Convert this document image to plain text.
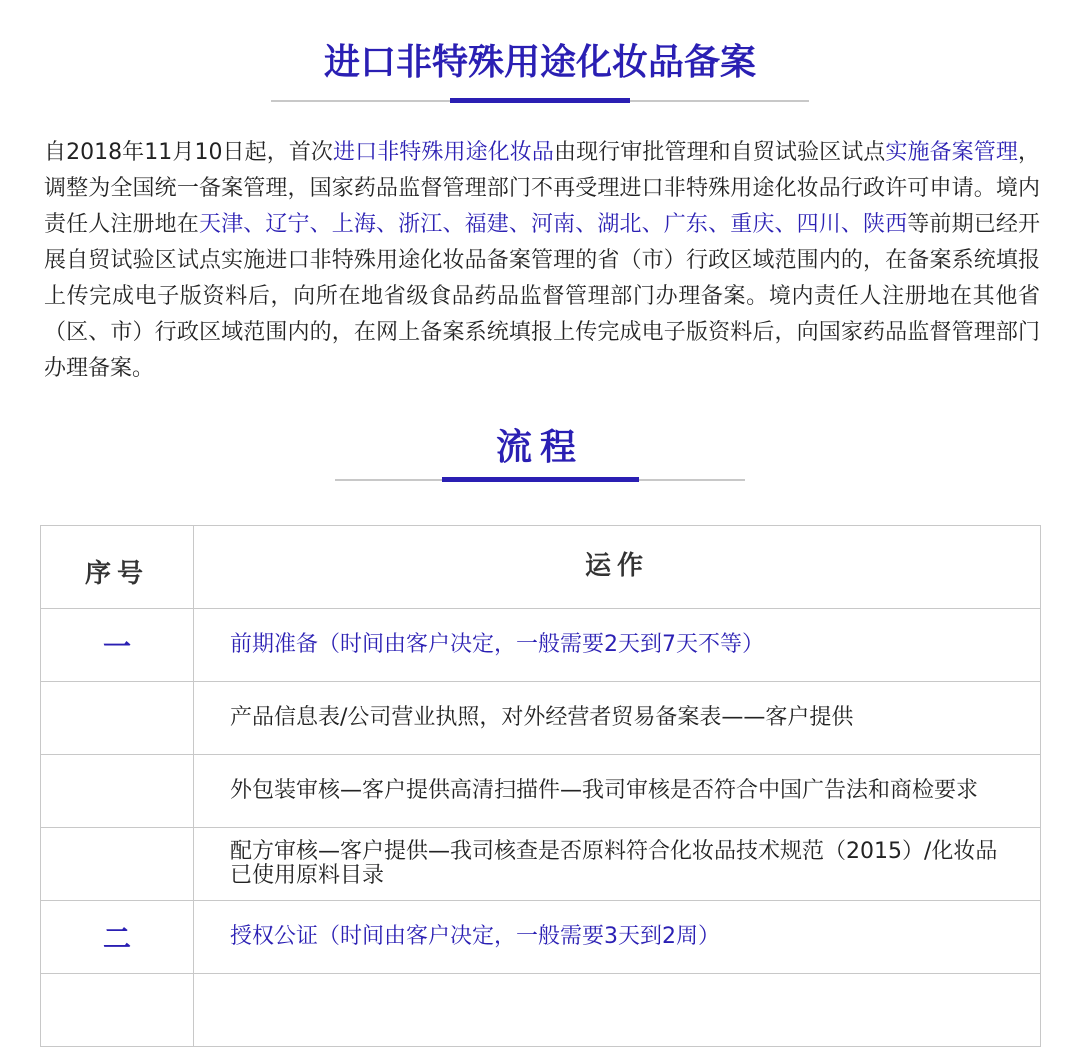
进口非特殊用途化妆品备案

自2018年11月10日起，首次进口非特殊用途化妆品由现行审批管理和自贸试验区试点实施备案管理，调整为全国统一备案管理，国家药品监督管理部门不再受理进口非特殊用途化妆品行政许可申请。境内责任人注册地在天津、辽宁、上海、浙江、福建、河南、湖北、广东、重庆、四川、陕西等前期已经开展自贸试验区试点实施进口非特殊用途化妆品备案管理的省（市）行政区域范围内的，在备案系统填报上传完成电子版资料后，向所在地省级食品药品监督管理部门办理备案。境内责任人注册地在其他省（区、市）行政区域范围内的，在网上备案系统填报上传完成电子版资料后，向国家药品监督管理部门办理备案。

流程
序号	运作
一	前期准备（时间由客户决定，一般需要2天到7天不等）
	产品信息表/公司营业执照，对外经营者贸易备案表——客户提供
	外包装审核—客户提供高清扫描件—我司审核是否符合中国广告法和商检要求
	配方审核—客户提供—我司核查是否原料符合化妆品技术规范（2015）/化妆品已使用原料目录
二	授权公证（时间由客户决定，一般需要3天到2周）
